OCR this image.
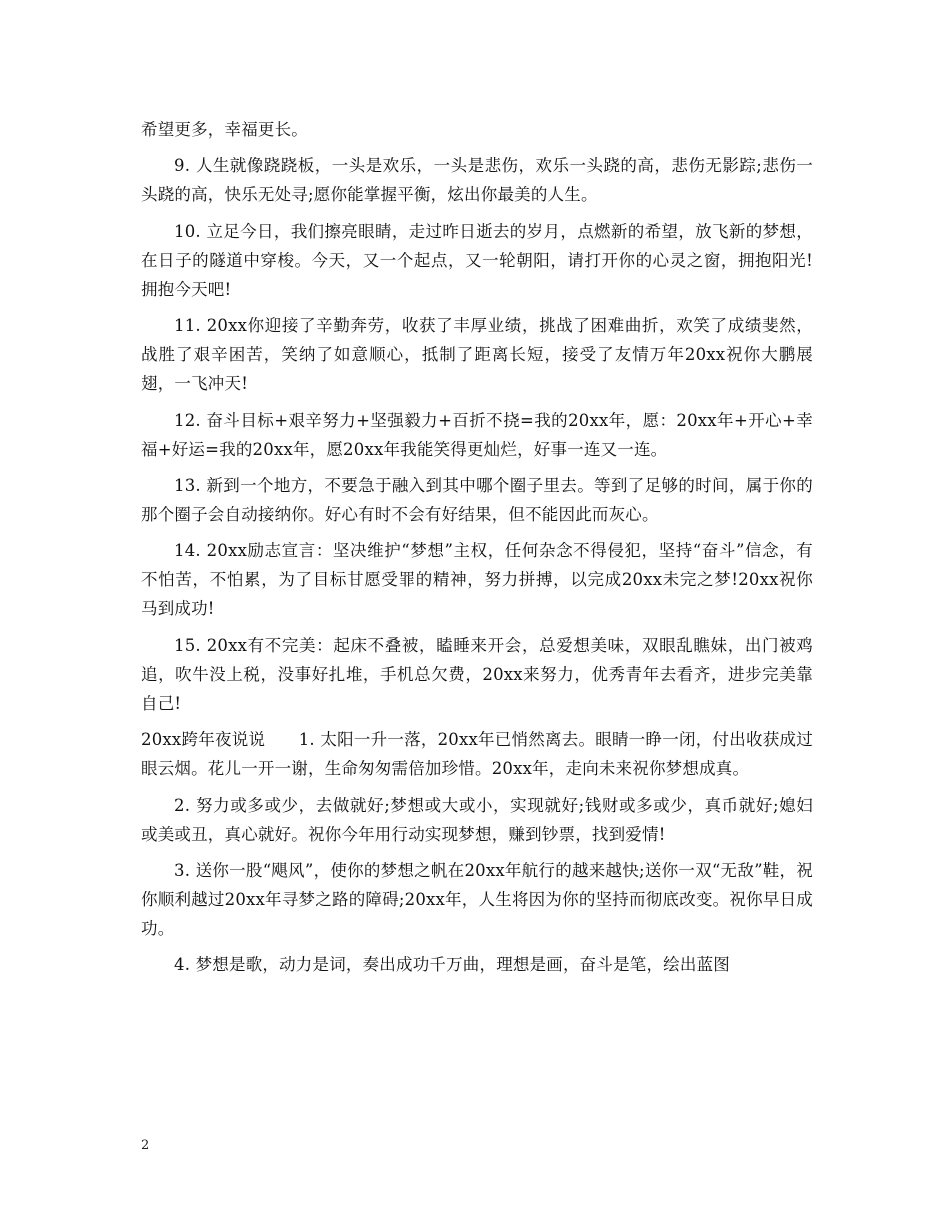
希望更多，幸福更长。

9. 人生就像跷跷板，一头是欢乐，一头是悲伤，欢乐一头跷的高，悲伤无影踪;悲伤一头跷的高，快乐无处寻;愿你能掌握平衡，炫出你最美的人生。

10. 立足今日，我们擦亮眼睛，走过昨日逝去的岁月，点燃新的希望，放飞新的梦想，在日子的隧道中穿梭。今天，又一个起点，又一轮朝阳，请打开你的心灵之窗，拥抱阳光!拥抱今天吧!

11. 20xx你迎接了辛勤奔劳，收获了丰厚业绩，挑战了困难曲折，欢笑了成绩斐然，战胜了艰辛困苦，笑纳了如意顺心，抵制了距离长短，接受了友情万年20xx祝你大鹏展翅，一飞冲天!

12. 奋斗目标+艰辛努力+坚强毅力+百折不挠=我的20xx年，愿：20xx年+开心+幸福+好运=我的20xx年，愿20xx年我能笑得更灿烂，好事一连又一连。

13. 新到一个地方，不要急于融入到其中哪个圈子里去。等到了足够的时间，属于你的那个圈子会自动接纳你。好心有时不会有好结果，但不能因此而灰心。

14. 20xx励志宣言：坚决维护“梦想”主权，任何杂念不得侵犯，坚持“奋斗”信念，有不怕苦，不怕累，为了目标甘愿受罪的精神，努力拼搏，以完成20xx未完之梦!20xx祝你马到成功!

15. 20xx有不完美：起床不叠被，瞌睡来开会，总爱想美味，双眼乱瞧妹，出门被鸡追，吹牛没上税，没事好扎堆，手机总欠费，20xx来努力，优秀青年去看齐，进步完美靠自己!

20xx跨年夜说说　　1. 太阳一升一落，20xx年已悄然离去。眼睛一睁一闭，付出收获成过眼云烟。花儿一开一谢，生命匆匆需倍加珍惜。20xx年，走向未来祝你梦想成真。

2. 努力或多或少，去做就好;梦想或大或小，实现就好;钱财或多或少，真币就好;媳妇或美或丑，真心就好。祝你今年用行动实现梦想，赚到钞票，找到爱情!

3. 送你一股“飓风”，使你的梦想之帆在20xx年航行的越来越快;送你一双“无敌”鞋，祝你顺利越过20xx年寻梦之路的障碍;20xx年，人生将因为你的坚持而彻底改变。祝你早日成功。

4. 梦想是歌，动力是词，奏出成功千万曲，理想是画，奋斗是笔，绘出蓝图

2
